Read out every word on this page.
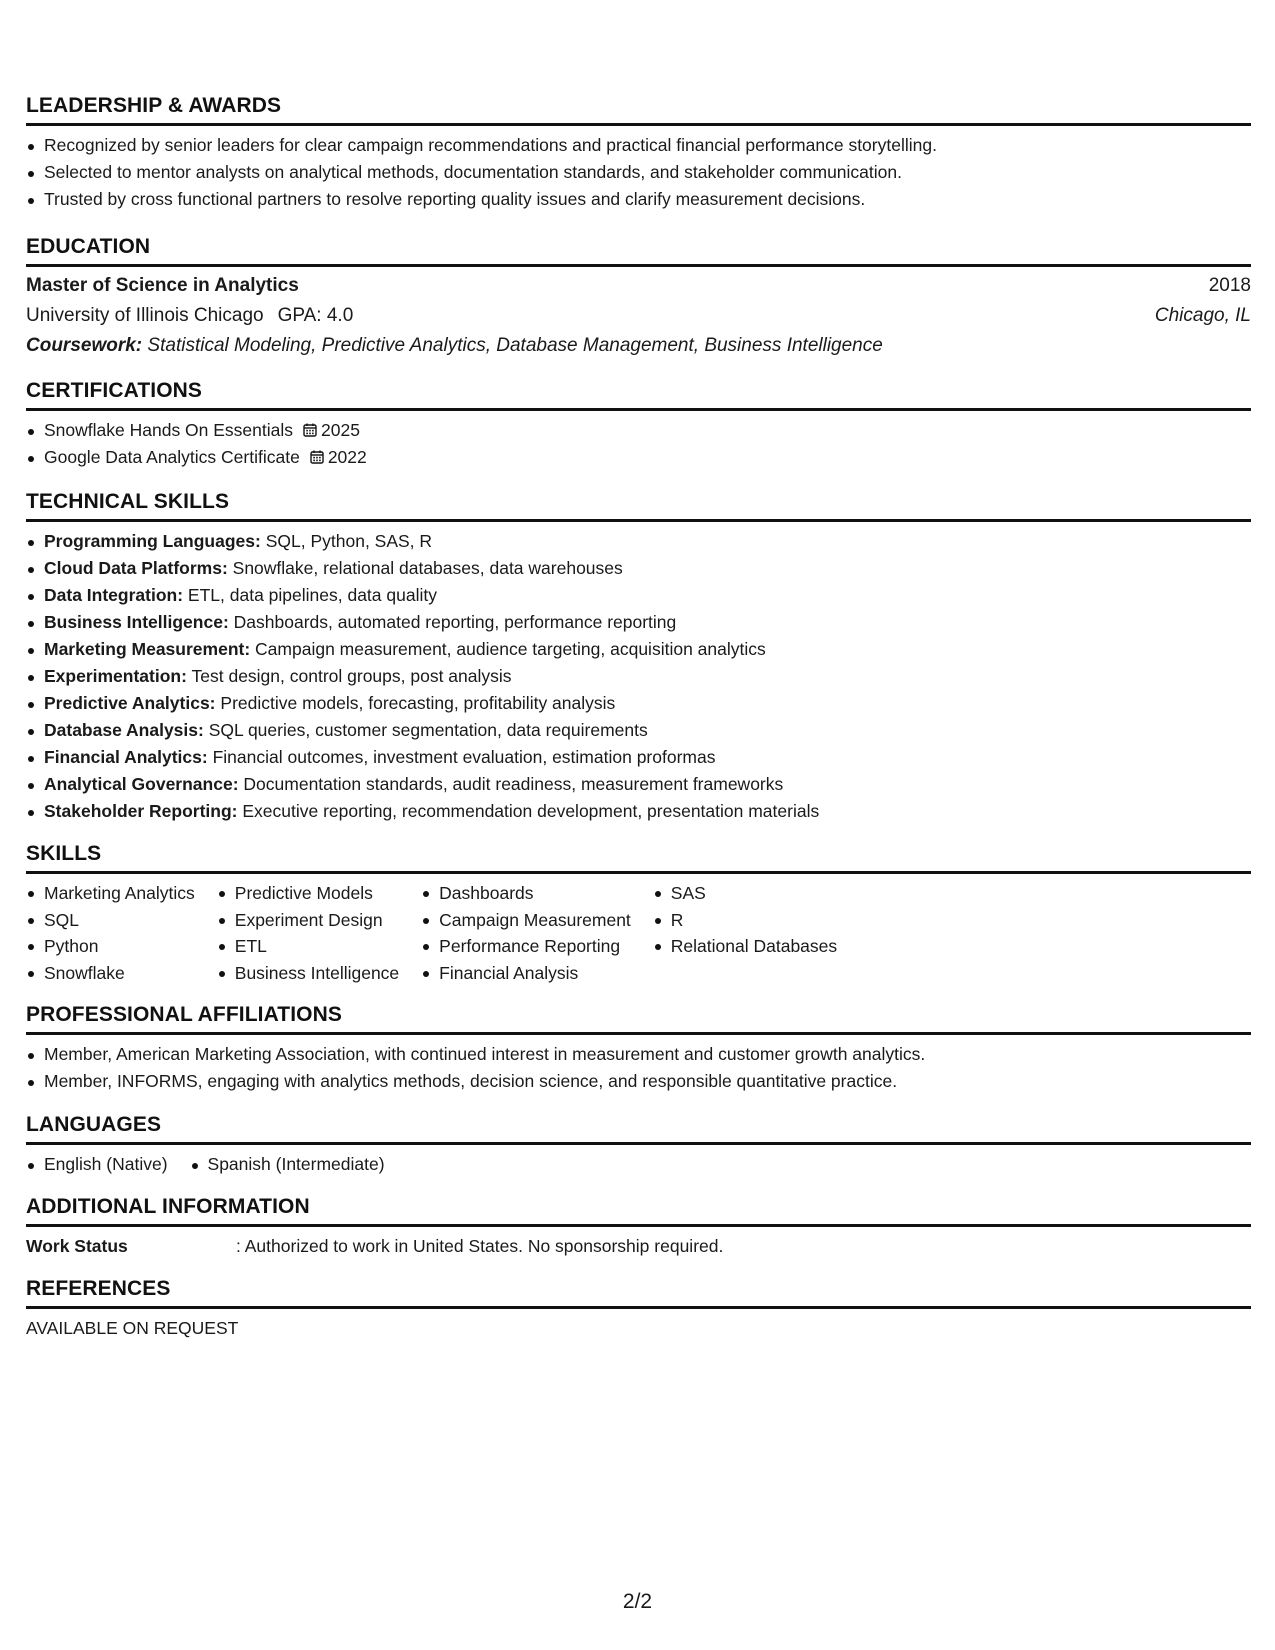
LEADERSHIP & AWARDS
Recognized by senior leaders for clear campaign recommendations and practical financial performance storytelling.
Selected to mentor analysts on analytical methods, documentation standards, and stakeholder communication.
Trusted by cross functional partners to resolve reporting quality issues and clarify measurement decisions.
EDUCATION
Master of Science in Analytics	2018
University of Illinois Chicago GPA: 4.0	Chicago, IL
Coursework: Statistical Modeling, Predictive Analytics, Database Management, Business Intelligence
CERTIFICATIONS
Snowflake Hands On Essentials 2025
Google Data Analytics Certificate 2022
TECHNICAL SKILLS
Programming Languages: SQL, Python, SAS, R
Cloud Data Platforms: Snowflake, relational databases, data warehouses
Data Integration: ETL, data pipelines, data quality
Business Intelligence: Dashboards, automated reporting, performance reporting
Marketing Measurement: Campaign measurement, audience targeting, acquisition analytics
Experimentation: Test design, control groups, post analysis
Predictive Analytics: Predictive models, forecasting, profitability analysis
Database Analysis: SQL queries, customer segmentation, data requirements
Financial Analytics: Financial outcomes, investment evaluation, estimation proformas
Analytical Governance: Documentation standards, audit readiness, measurement frameworks
Stakeholder Reporting: Executive reporting, recommendation development, presentation materials
SKILLS
Marketing Analytics
SQL
Python
Snowflake
Predictive Models
Experiment Design
ETL
Business Intelligence
Dashboards
Campaign Measurement
Performance Reporting
Financial Analysis
SAS
R
Relational Databases
PROFESSIONAL AFFILIATIONS
Member, American Marketing Association, with continued interest in measurement and customer growth analytics.
Member, INFORMS, engaging with analytics methods, decision science, and responsible quantitative practice.
LANGUAGES
English (Native)	Spanish (Intermediate)
ADDITIONAL INFORMATION
Work Status	: Authorized to work in United States. No sponsorship required.
REFERENCES
AVAILABLE ON REQUEST
2/2
